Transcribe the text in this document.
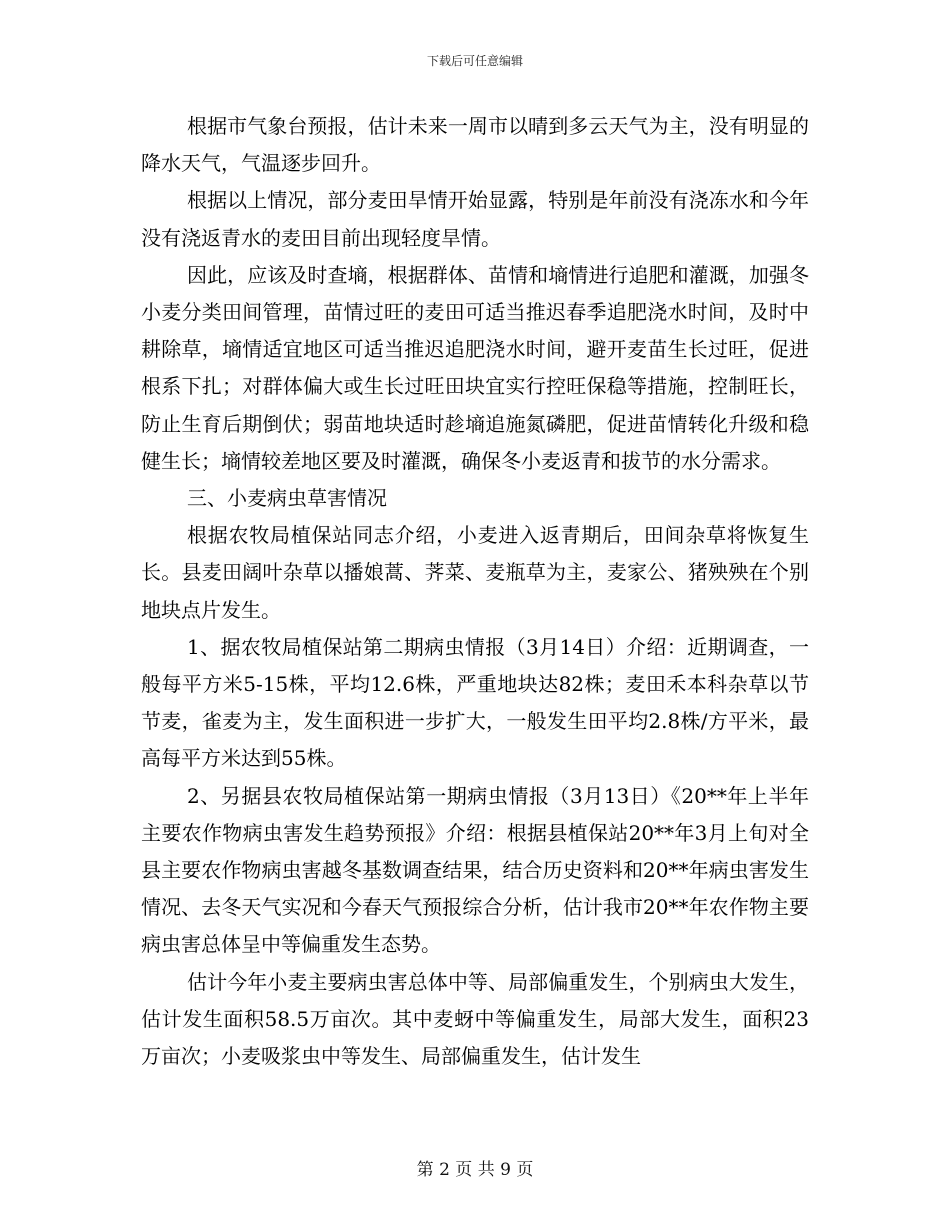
下载后可任意编辑

根据市气象台预报，估计未来一周市以晴到多云天气为主，没有明显的降水天气，气温逐步回升。

根据以上情况，部分麦田旱情开始显露，特别是年前没有浇冻水和今年没有浇返青水的麦田目前出现轻度旱情。

因此，应该及时查墒，根据群体、苗情和墒情进行追肥和灌溉，加强冬小麦分类田间管理，苗情过旺的麦田可适当推迟春季追肥浇水时间，及时中耕除草，墒情适宜地区可适当推迟追肥浇水时间，避开麦苗生长过旺，促进根系下扎；对群体偏大或生长过旺田块宜实行控旺保稳等措施，控制旺长，防止生育后期倒伏；弱苗地块适时趁墒追施氮磷肥，促进苗情转化升级和稳健生长；墒情较差地区要及时灌溉，确保冬小麦返青和拔节的水分需求。

三、小麦病虫草害情况

根据农牧局植保站同志介绍，小麦进入返青期后，田间杂草将恢复生长。县麦田阔叶杂草以播娘蒿、荠菜、麦瓶草为主，麦家公、猪殃殃在个别地块点片发生。

1、据农牧局植保站第二期病虫情报（3月14日）介绍：近期调查，一般每平方米5-15株，平均12.6株，严重地块达82株；麦田禾本科杂草以节节麦，雀麦为主，发生面积进一步扩大，一般发生田平均2.8株/方平米，最高每平方米达到55株。

2、另据县农牧局植保站第一期病虫情报（3月13日）《20**年上半年主要农作物病虫害发生趋势预报》介绍：根据县植保站20**年3月上旬对全县主要农作物病虫害越冬基数调查结果，结合历史资料和20**年病虫害发生情况、去冬天气实况和今春天气预报综合分析，估计我市20**年农作物主要病虫害总体呈中等偏重发生态势。

估计今年小麦主要病虫害总体中等、局部偏重发生，个别病虫大发生，估计发生面积58.5万亩次。其中麦蚜中等偏重发生，局部大发生，面积23万亩次；小麦吸浆虫中等发生、局部偏重发生，估计发生

第 2 页 共 9 页
